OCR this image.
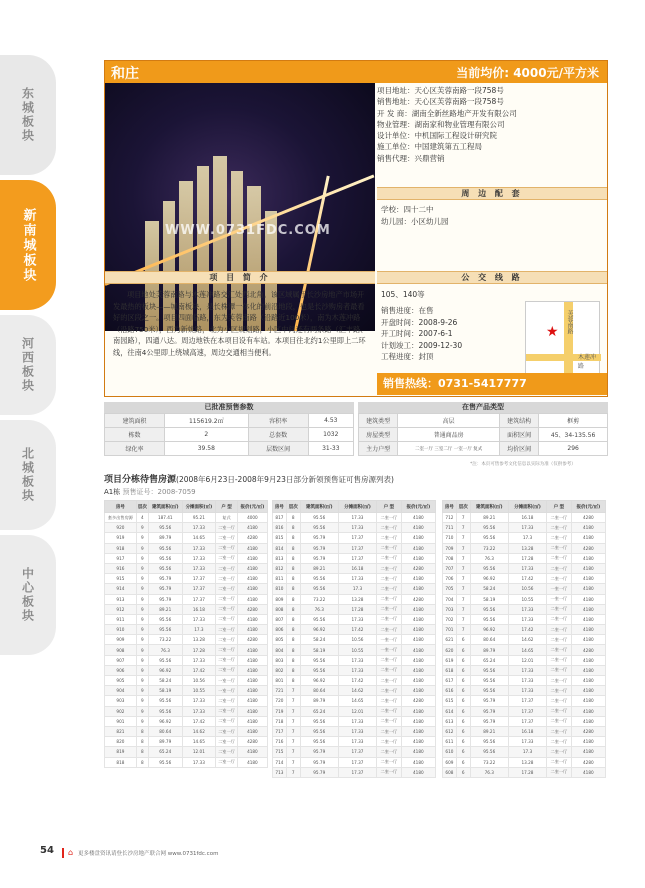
东城板块
新南城板块
河西板块
北城板块
中心板块
和庄	当前均价: 4000元/平方米
WWW.0731FDC.COM
项目地址：天心区芙蓉南路一段758号
销售地址：天心区芙蓉南路一段758号
开 发 商：湖南全新丝路地产开发有限公司
物业管理：湖南家和物业管理有限公司
设计单位：中机国际工程设计研究院
施工单位：中国建筑第五工程局
销售代理：兴鼎营销
周 边 配 套
学校：四十二中
幼儿园：小区幼儿园
项 目 简 介	公 交 线 路
项目地处芙蓉南路与木莲冲路交汇处西北角。该区域属于长沙房地产市场开发最热的板块——城南板块，是长株潭一体化的前沿地段，也是长沙购房者最看好的区段之一。项目四面临路，东为芙蓉南路（沿路近100米），南为木莲冲路（沿路750米），西为新姚路，北为小区规划路，小区中间还有两条路（汇丰路、南园路），四通八达。周边地铁在本项目设有车站。本项目往北约1公里即上二环线，往南4公里即上绕城高速，周边交通相当便利。
105、140等
销售进度：在售
开盘时间：2008-9-26
开工时间：2007-6-1
计划竣工：2009-12-30
工程进度：封顶
芙蓉南路
木莲冲路
★
销售热线：0731-5417777
已批准预售参数
建筑面积	115619.2㎡	容积率	4.53
栋数	2	总套数	1032
绿化率	39.58	层数区间	31-33
在售产品类型
建筑类型	高层	建筑结构	框剪
房屋类型	普通商品房	面积区间	45、34-135.56
主力户型	二室一厅 三室二厅 一室一厅 复式	均价区间	296
*注：本页可售参考文化信息以实际为准（仅供参考）
项目分栋待售房源(2008年6月23日-2008年9月23日部分新领预售证可售房源列表)
A1栋 预售证号：2008-7059
房号	层次	建筑面积(㎡)	分摊面积(㎡)	户 型	报价(元/㎡)
套多出售房源	4	187.41	95.21	复式	4000
920	9	95.56	17.33	二室一厅	4180
919	9	89.79	14.65	二室一厅	4280
918	9	95.56	17.33	二室一厅	4180
917	9	95.56	17.33	二室一厅	4180
916	9	95.56	17.33	二室一厅	4180
915	9	95.79	17.37	二室一厅	4180
914	9	95.79	17.37	二室一厅	4180
913	9	95.79	17.37	二室一厅	4180
912	9	89.21	16.18	二室一厅	4280
911	9	95.56	17.33	二室一厅	4180
910	9	95.56	17.3	二室一厅	4180
909	9	73.22	13.28	二室一厅	4280
908	9	76.3	17.28	二室一厅	4180
907	9	95.56	17.33	二室一厅	4180
906	9	96.92	17.42	二室一厅	4180
905	9	58.24	10.56	一室一厅	4180
904	9	58.19	10.55	一室一厅	4180
903	9	95.56	17.33	二室一厅	4180
902	9	95.56	17.33	二室一厅	4180
901	9	96.92	17.42	二室一厅	4180
821	8	80.64	14.62	二室一厅	4180
820	8	89.79	14.65	二室一厅	4280
819	8	65.24	12.01	二室一厅	4180
818	8	95.56	17.33	二室一厅	4180
房号	层次	建筑面积(㎡)	分摊面积(㎡)	户 型	报价(元/㎡)
817	8	95.56	17.33	二室一厅	4180
816	8	95.56	17.33	二室一厅	4180
815	8	95.79	17.37	二室一厅	4180
814	8	95.79	17.37	二室一厅	4180
813	8	95.79	17.37	二室一厅	4180
812	8	89.21	16.18	二室一厅	4280
811	8	95.56	17.33	二室一厅	4180
810	8	95.56	17.3	二室一厅	4180
809	8	73.22	13.28	二室一厅	4280
808	8	76.3	17.28	二室一厅	4180
807	8	95.56	17.33	二室一厅	4180
806	8	96.92	17.42	二室一厅	4180
805	8	58.24	10.56	一室一厅	4180
804	8	58.19	10.55	一室一厅	4180
803	8	95.56	17.33	二室一厅	4180
802	8	95.56	17.33	二室一厅	4180
801	8	96.92	17.42	二室一厅	4180
721	7	80.64	14.62	二室一厅	4180
720	7	89.79	14.65	二室一厅	4280
719	7	65.24	12.01	二室一厅	4180
718	7	95.56	17.33	二室一厅	4180
717	7	95.56	17.33	二室一厅	4180
716	7	95.56	17.33	二室一厅	4180
715	7	95.79	17.37	二室一厅	4180
714	7	95.79	17.37	二室一厅	4180
713	7	95.79	17.37	二室一厅	4180
房号	层次	建筑面积(㎡)	分摊面积(㎡)	户 型	报价(元/㎡)
712	7	89.21	16.18	二室一厅	4280
711	7	95.56	17.33	二室一厅	4180
710	7	95.56	17.3	二室一厅	4180
709	7	73.22	13.28	二室一厅	4280
708	7	76.3	17.28	二室一厅	4180
707	7	95.56	17.33	二室一厅	4180
706	7	96.92	17.42	二室一厅	4180
705	7	58.24	10.56	一室一厅	4180
704	7	58.19	10.55	一室一厅	4180
703	7	95.56	17.33	二室一厅	4180
702	7	95.56	17.33	二室一厅	4180
701	7	96.92	17.42	二室一厅	4180
621	6	80.64	14.62	二室一厅	4180
620	6	89.79	14.65	二室一厅	4280
619	6	65.24	12.01	二室一厅	4180
618	6	95.56	17.33	二室一厅	4180
617	6	95.56	17.33	二室一厅	4180
616	6	95.56	17.33	二室一厅	4180
615	6	95.79	17.37	二室一厅	4180
614	6	95.79	17.37	二室一厅	4180
613	6	95.79	17.37	二室一厅	4180
612	6	89.21	16.18	二室一厅	4280
611	6	95.56	17.33	二室一厅	4180
610	6	95.56	17.3	二室一厅	4180
609	6	73.22	13.28	二室一厅	4280
608	6	76.3	17.28	二室一厅	4180
54 ⌂ 更多楼盘资讯请登长沙房地产联合网 www.0731fdc.com
